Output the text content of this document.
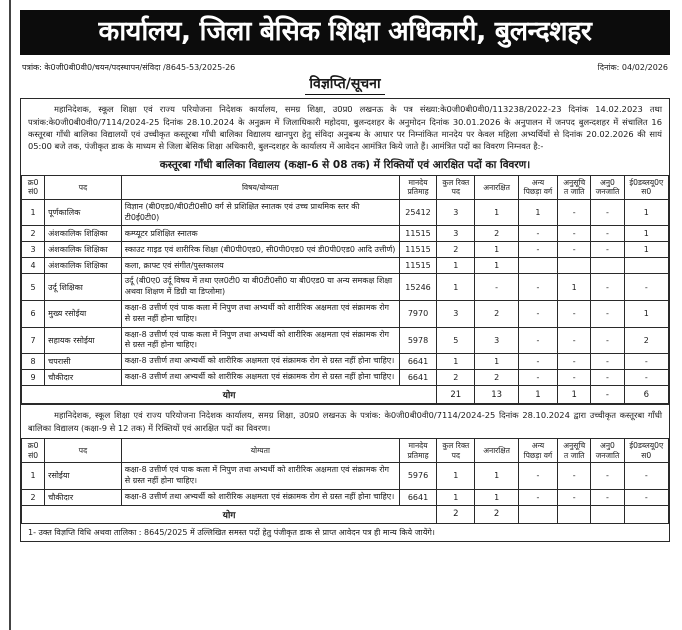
कार्यालय, जिला बेसिक शिक्षा अधिकारी, बुलन्दशहर
पत्रांक: के0जी0बी0वी0/चयन/पदस्थापन/संविदा /8645-53/2025-26	दिनांक: 04/02/2026
विज्ञप्ति/सूचना

महानिदेशक, स्कूल शिक्षा एवं राज्य परियोजना निदेशक कार्यालय, समग्र शिक्षा, उ0प्र0 लखनऊ के पत्र संख्या:के0जी0बी0वी0/113238/2022-23 दिनांक 14.02.2023 तथा पत्रांक:के0जी0बी0वी0/7114/2024-25 दिनांक 28.10.2024 के अनुक्रम में जिलाधिकारी महोदया, बुलन्दशहर के अनुमोदन दिनांक 30.01.2026 के अनुपालन में जनपद बुलन्दशहर में संचालित 16 कस्तूरबा गाँधी बालिका विद्यालयों एवं उच्चीकृत कस्तूरबा गाँधी बालिका विद्यालय खानपुरा हेतु संविदा अनुबन्ध के आधार पर निम्नांकित मानदेय पर केवल महिला अभ्यर्थियों से दिनांक 20.02.2026 की सायं 05:00 बजे तक, पंजीकृत डाक के माध्यम से जिला बेसिक शिक्षा अधिकारी, बुलन्दशहर के कार्यालय में आवेदन आमंत्रित किये जाते हैं। आमंत्रित पदों का विवरण निम्नवत है:-

कस्तूरबा गाँधी बालिका विद्यालय (कक्षा-6 से 08 तक) में रिक्तियों एवं आरक्षित पदों का विवरण।
क्र0 सं0	पद	विषय/योग्यता	मानदेय प्रतिमाह	कुल रिक्त पद	अनारक्षित	अन्य पिछड़ा वर्ग	अनुसूचित जाति	अनु0 जनजाति	ई0डब्लयू0एस0
1	पूर्णकालिक	विज्ञान (बी0एड0/बी0टी0सी0 वर्ग से प्रशिक्षित स्नातक एवं उच्च प्राथमिक स्तर की टी0ई0टी0)	25412	3	1	1	-	-	1
2	अंशकालिक शिक्षिका	कम्प्यूटर प्रशिक्षित स्नातक	11515	3	2	-	-	-	1
3	अंशकालिक शिक्षिका	स्काउट गाइड एवं शारीरिक शिक्षा (बी0पी0एड0, सी0पी0एड0 एवं डी0पी0एड0 आदि उत्तीर्ण)	11515	2	1	-	-	-	1
4	अंशकालिक शिक्षिका	कला, क्राफ्ट एवं संगीत/पुस्तकालय	11515	1	1				
5	उर्दू शिक्षिका	उर्दू (बी0ए0 उर्दू विषय में तथा एल0टी0 या बी0टी0सी0 या बी0एड0 या अन्य समकक्ष शिक्षा अथवा शिक्षण में डिग्री या डिप्लोमा)	15246	1	-	-	1	-	-
6	मुख्य रसोईया	कक्षा-8 उत्तीर्ण एवं पाक कला में निपुण तथा अभ्यर्थी को शारीरिक अक्षमता एवं संक्रामक रोग से ग्रस्त नहीं होना चाहिए।	7970	3	2	-	-	-	1
7	सहायक रसोईया	कक्षा-8 उत्तीर्ण एवं पाक कला में निपुण तथा अभ्यर्थी को शारीरिक अक्षमता एवं संक्रामक रोग से ग्रस्त नहीं होना चाहिए।	5978	5	3	-	-	-	2
8	चपरासी	कक्षा-8 उत्तीर्ण तथा अभ्यर्थी को शारीरिक अक्षमता एवं संक्रामक रोग से ग्रस्त नहीं होना चाहिए।	6641	1	1	-	-	-	-
9	चौकीदार	कक्षा-8 उत्तीर्ण तथा अभ्यर्थी को शारीरिक अक्षमता एवं संक्रामक रोग से ग्रस्त नहीं होना चाहिए।	6641	2	2	-	-	-	-
योग				21	13	1	1	-	6

महानिदेशक, स्कूल शिक्षा एवं राज्य परियोजना निदेशक कार्यालय, समग्र शिक्षा, उ0प्र0 लखनऊ के पत्रांक: के0जी0बी0वी0/7114/2024-25 दिनांक 28.10.2024 द्वारा उच्चीकृत कस्तूरबा गाँधी बालिका विद्यालय (कक्षा-9 से 12 तक) में रिक्तियों एवं आरक्षित पदों का विवरण।

क्र0 सं0	पद	योग्यता	मानदेय प्रतिमाह	कुल रिक्त पद	अनारक्षित	अन्य पिछड़ा वर्ग	अनुसूचित जाति	अनु0 जनजाति	ई0डब्लयू0एस0
1	रसोईया	कक्षा-8 उत्तीर्ण एवं पाक कला में निपुण तथा अभ्यर्थी को शारीरिक अक्षमता एवं संक्रामक रोग से ग्रस्त नहीं होना चाहिए।	5976	1	1	-	-	-	-
2	चौकीदार	कक्षा-8 उत्तीर्ण तथा अभ्यर्थी को शारीरिक अक्षमता एवं संक्रामक रोग से ग्रस्त नहीं होना चाहिए।	6641	1	1	-	-	-	-
योग				2	2				
1- उक्त विज्ञप्ति विधि अथवा तालिका : 8645/2025 में उल्लिखित समस्त पदों हेतु पंजीकृत डाक से प्राप्त आवेदन पत्र ही मान्य किये जायेंगे।
